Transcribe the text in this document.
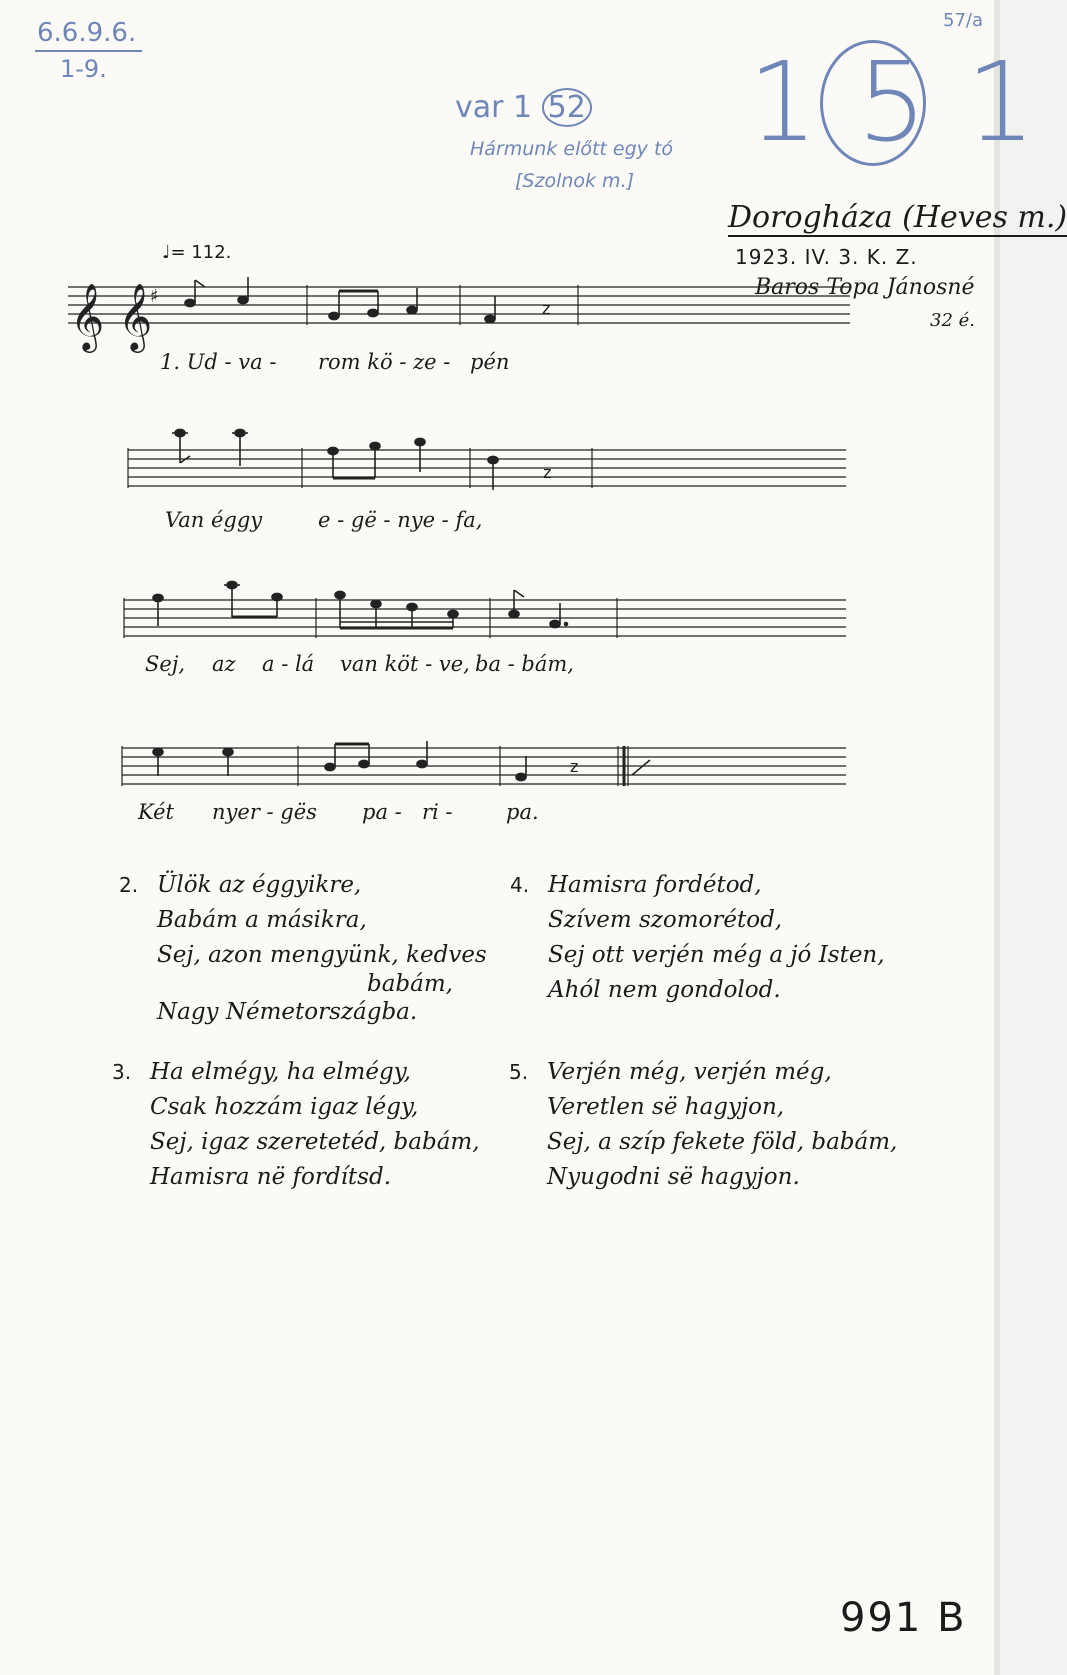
6.6.9.6.
1-9.
57/a
var 1 52
Hármunk előtt egy tó
[Szolnok m.]
1 5 1
Dorogháza (Heves m.)
1923. IV. 3. K. Z.
Baros Topa Jánosné
32 é.
♩= 112.
𝄞 𝄞
♯
z
z
z
1. Ud - va - rom kö - ze - pén
Van éggy	e - gë - nye - fa,
Sej, az a - lá van köt - ve, ba - bám,
Két nyer - gës pa - ri -	pa.
2. Ülök az éggyikre,
Babám a másikra,
Sej, azon mengyünk, kedves
babám,
Nagy Németországba.
4. Hamisra fordétod,
Szívem szomorétod,
Sej ott verjén még a jó Isten,
Ahól nem gondolod.
3. Ha elmégy, ha elmégy,
Csak hozzám igaz légy,
Sej, igaz szeretetéd, babám,
Hamisra në fordítsd.
5. Verjén még, verjén még,
Veretlen së hagyjon,
Sej, a szíp fekete föld, babám,
Nyugodni së hagyjon.
991 B
